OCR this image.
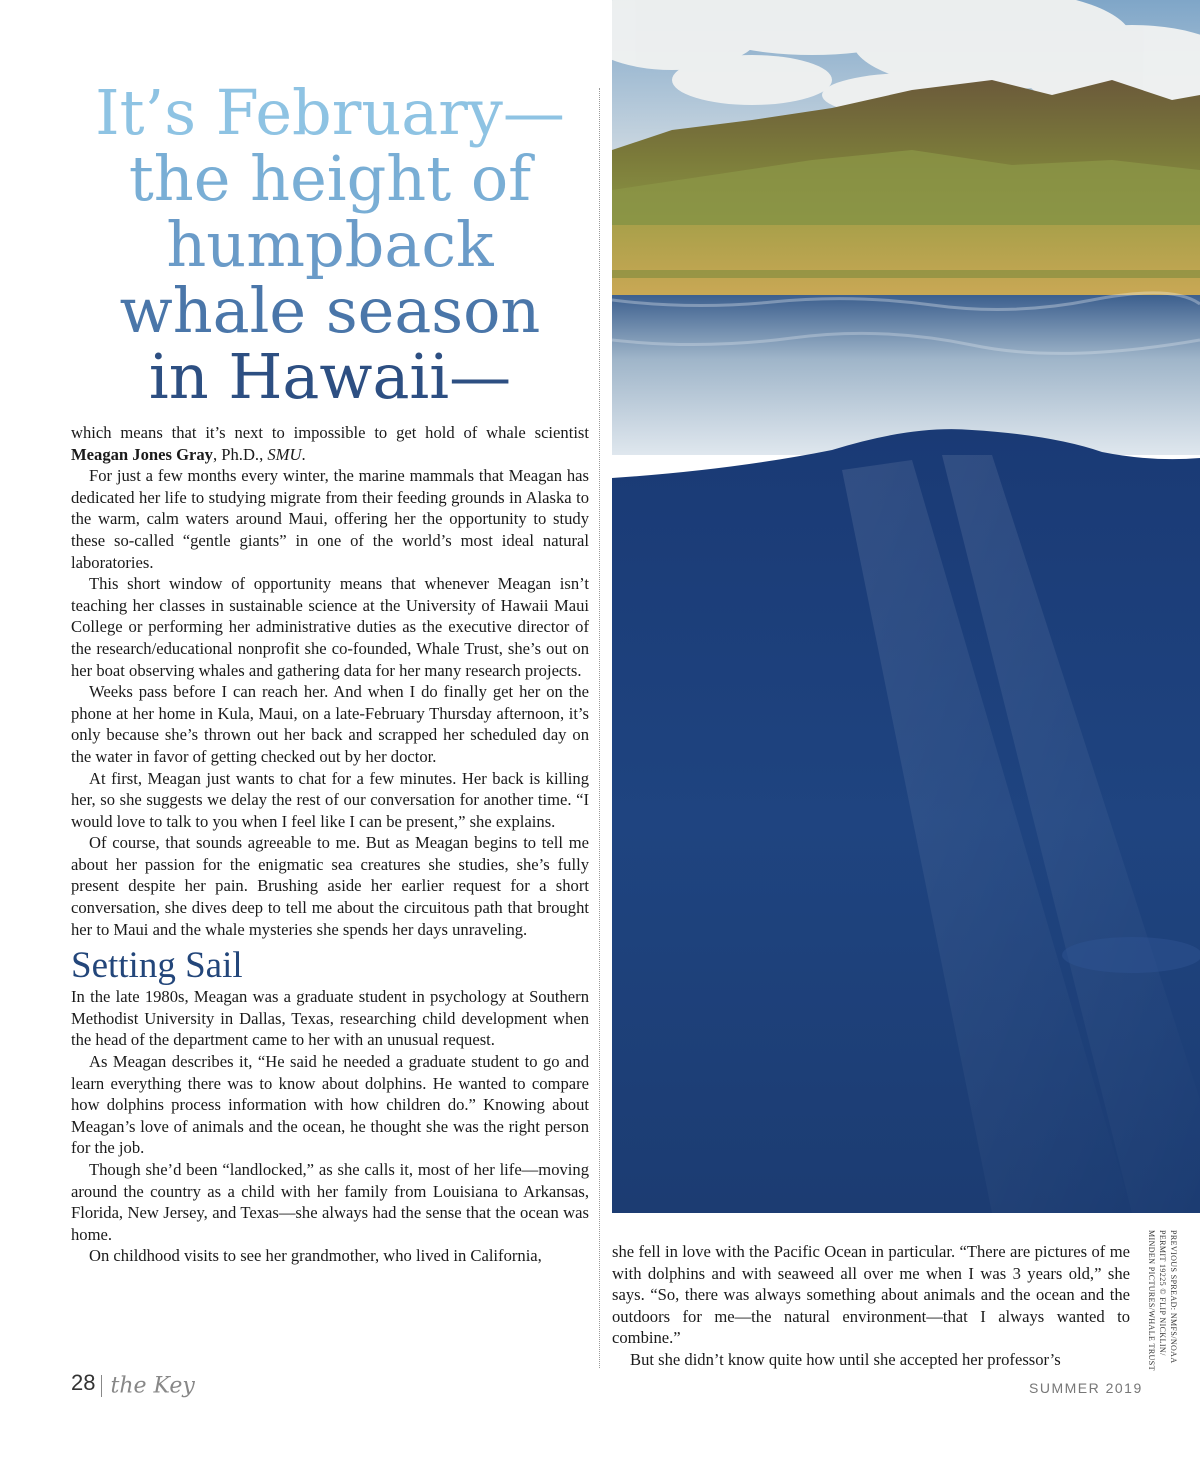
It’s February—
the height of
humpback
whale season
in Hawaii—

which means that it’s next to impossible to get hold of whale scientist Meagan Jones Gray, Ph.D., SMU.

For just a few months every winter, the marine mammals that Meagan has dedicated her life to studying migrate from their feeding grounds in Alaska to the warm, calm waters around Maui, offering her the opportunity to study these so-called “gentle giants” in one of the world’s most ideal natural laboratories.

This short window of opportunity means that whenever Meagan isn’t teaching her classes in sustainable science at the University of Hawaii Maui College or performing her administrative duties as the executive director of the research/educational nonprofit she co-founded, Whale Trust, she’s out on her boat observing whales and gathering data for her many research projects.

Weeks pass before I can reach her. And when I do finally get her on the phone at her home in Kula, Maui, on a late-February Thursday afternoon, it’s only because she’s thrown out her back and scrapped her scheduled day on the water in favor of getting checked out by her doctor.

At first, Meagan just wants to chat for a few minutes. Her back is killing her, so she suggests we delay the rest of our conversation for another time. “I would love to talk to you when I feel like I can be present,” she explains.

Of course, that sounds agreeable to me. But as Meagan begins to tell me about her passion for the enigmatic sea creatures she studies, she’s fully present despite her pain. Brushing aside her earlier request for a short conversation, she dives deep to tell me about the circuitous path that brought her to Maui and the whale mysteries she spends her days unraveling.

Setting Sail

In the late 1980s, Meagan was a graduate student in psychology at Southern Methodist University in Dallas, Texas, researching child development when the head of the department came to her with an unusual request.

As Meagan describes it, “He said he needed a graduate student to go and learn everything there was to know about dolphins. He wanted to compare how dolphins process information with how children do.” Knowing about Meagan’s love of animals and the ocean, he thought she was the right person for the job.

Though she’d been “landlocked,” as she calls it, most of her life—moving around the country as a child with her family from Louisiana to Arkansas, Florida, New Jersey, and Texas—she always had the sense that the ocean was home.

On childhood visits to see her grandmother, who lived in California,	she fell in love with the Pacific Ocean in particular. “There are pictures of me with dolphins and with seaweed all over me when I was 3 years old,” she says. “So, there was always something about animals and the ocean and the outdoors for me—the natural environment—that I always wanted to combine.”

But she didn’t know quite how until she accepted her professor’s	PREVIOUS SPREAD: NMFS/NOAA
PERMIT 19225 © FLIP NICKLIN/
MINDEN PICTURES/WHALE TRUST
28 the Key	SUMMER 2019
